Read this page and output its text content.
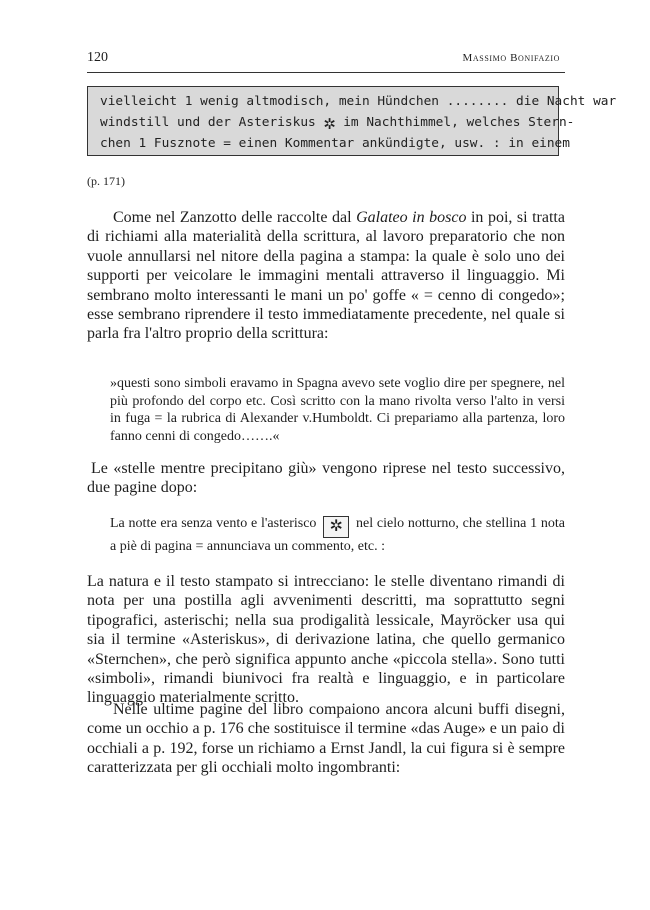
120	Massimo Bonifazio
vielleicht 1 wenig altmodisch, mein Hündchen ........ die Nacht war
windstill und der Asteriskus ✲ im Nachthimmel, welches Stern-
chen 1 Fusznote = einen Kommentar ankündigte, usw. : in einem
(p. 171)

Come nel Zanzotto delle raccolte dal Galateo in bosco in poi, si tratta di richiami alla materialità della scrittura, al lavoro preparatorio che non vuole annullarsi nel nitore della pagina a stampa: la quale è solo uno dei supporti per veicolare le immagini mentali attraverso il linguaggio. Mi sembrano molto interessanti le mani un po' goffe « = cenno di congedo»; esse sembrano riprendere il testo immediatamente precedente, nel quale si parla fra l'altro proprio della scrittura:

»questi sono simboli eravamo in Spagna avevo sete voglio dire per spegnere, nel più profondo del corpo etc. Così scritto con la mano rivolta verso l'alto in versi in fuga = la rubrica di Alexander v.Humboldt. Ci prepariamo alla partenza, loro fanno cenni di congedo…….«

Le «stelle mentre precipitano giù» vengono riprese nel testo successivo, due pagine dopo:

La notte era senza vento e l'asterisco ✲ nel cielo notturno, che stellina 1 nota a piè di pagina = annunciava un commento, etc. :

La natura e il testo stampato si intrecciano: le stelle diventano rimandi di nota per una postilla agli avvenimenti descritti, ma soprattutto segni tipografici, asterischi; nella sua prodigalità lessicale, Mayröcker usa qui sia il termine «Asteriskus», di derivazione latina, che quello germanico «Sternchen», che però significa appunto anche «piccola stella». Sono tutti «simboli», rimandi biunivoci fra realtà e linguaggio, e in particolare linguaggio materialmente scritto.

Nelle ultime pagine del libro compaiono ancora alcuni buffi disegni, come un occhio a p. 176 che sostituisce il termine «das Auge» e un paio di occhiali a p. 192, forse un richiamo a Ernst Jandl, la cui figura si è sempre caratterizzata per gli occhiali molto ingombranti:
